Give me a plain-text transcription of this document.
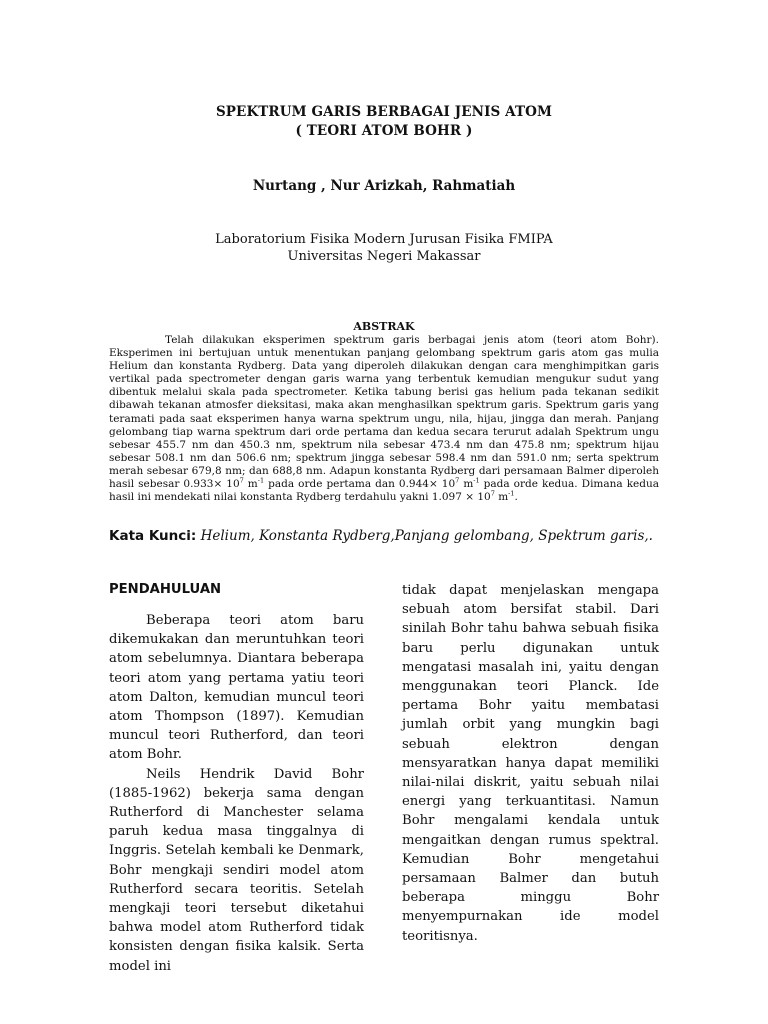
SPEKTRUM GARIS BERBAGAI JENIS ATOM
( TEORI ATOM BOHR )
Nurtang , Nur Arizkah, Rahmatiah
Laboratorium Fisika Modern Jurusan Fisika FMIPA
Universitas Negeri Makassar
ABSTRAK

Telah dilakukan eksperimen spektrum garis berbagai jenis atom (teori atom Bohr). Eksperimen ini bertujuan untuk menentukan panjang gelombang spektrum garis atom gas mulia Helium dan konstanta Rydberg. Data yang diperoleh dilakukan dengan cara menghimpitkan garis vertikal pada spectrometer dengan garis warna yang terbentuk kemudian mengukur sudut yang dibentuk melalui skala pada spectrometer. Ketika tabung berisi gas helium pada tekanan sedikit dibawah tekanan atmosfer dieksitasi, maka akan menghasilkan spektrum garis. Spektrum garis yang teramati pada saat eksperimen hanya warna spektrum ungu, nila, hijau, jingga dan merah. Panjang gelombang tiap warna spektrum dari orde pertama dan kedua secara terurut adalah Spektrum ungu sebesar 455.7 nm dan 450.3 nm, spektrum nila sebesar 473.4 nm dan 475.8 nm; spektrum hijau sebesar 508.1 nm dan 506.6 nm; spektrum jingga sebesar 598.4 nm dan 591.0 nm; serta spektrum merah sebesar 679,8 nm; dan 688,8 nm. Adapun konstanta Rydberg dari persamaan Balmer diperoleh hasil sebesar $0.933\times 10^7$ $m^{-1}$ pada orde pertama dan $0.944\times 10^7$ $m^{-1}$ pada orde kedua. Dimana kedua hasil ini mendekati nilai konstanta Rydberg terdahulu yakni $1.097 \times 10^7$ $m^{-1}$.

Kata Kunci: Helium, Konstanta Rydberg,Panjang gelombang, Spektrum garis,.
PENDAHULUAN

Beberapa teori atom baru dikemukakan dan meruntuhkan teori atom sebelumnya. Diantara beberapa teori atom yang pertama yatiu teori atom Dalton, kemudian muncul teori atom Thompson (1897). Kemudian muncul teori Rutherford, dan teori atom Bohr.

Neils Hendrik David Bohr (1885-1962) bekerja sama dengan Rutherford di Manchester selama paruh kedua masa tinggalnya di Inggris. Setelah kembali ke Denmark, Bohr mengkaji sendiri model atom Rutherford secara teoritis. Setelah mengkaji teori tersebut diketahui bahwa model atom Rutherford tidak konsisten dengan fisika kalsik. Serta model ini

tidak dapat menjelaskan mengapa sebuah atom bersifat stabil. Dari sinilah Bohr tahu bahwa sebuah fisika baru perlu digunakan untuk mengatasi masalah ini, yaitu dengan menggunakan teori Planck. Ide pertama Bohr yaitu membatasi jumlah orbit yang mungkin bagi sebuah elektron dengan mensyaratkan hanya dapat memiliki nilai-nilai diskrit, yaitu sebuah nilai energi yang terkuantitasi. Namun Bohr mengalami kendala untuk mengaitkan dengan rumus spektral. Kemudian Bohr mengetahui persamaan Balmer dan butuh beberapa minggu Bohr menyempurnakan ide model teoritisnya.
